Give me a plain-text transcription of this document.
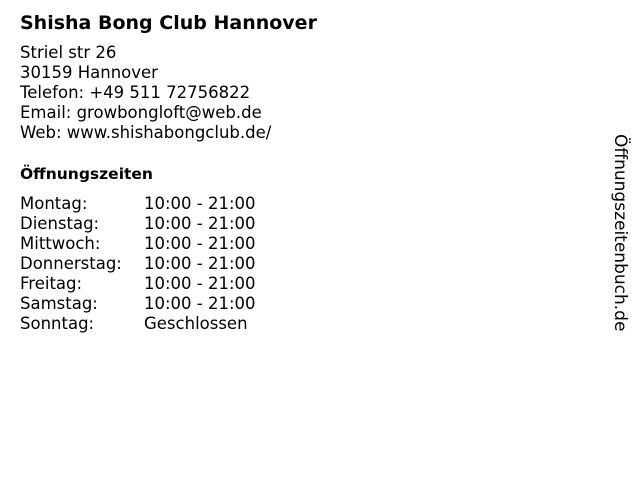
Shisha Bong Club Hannover
Striel str 26
30159 Hannover
Telefon: +49 511 72756822
Email: growbongloft@web.de
Web: www.shishabongclub.de/
Öffnungszeiten
Montag:	10:00 - 21:00
Dienstag:	10:00 - 21:00
Mittwoch:	10:00 - 21:00
Donnerstag: 10:00 - 21:00
Freitag:	10:00 - 21:00
Samstag:	10:00 - 21:00
Sonntag:	Geschlossen	Öffnungszeitenbuch.de
